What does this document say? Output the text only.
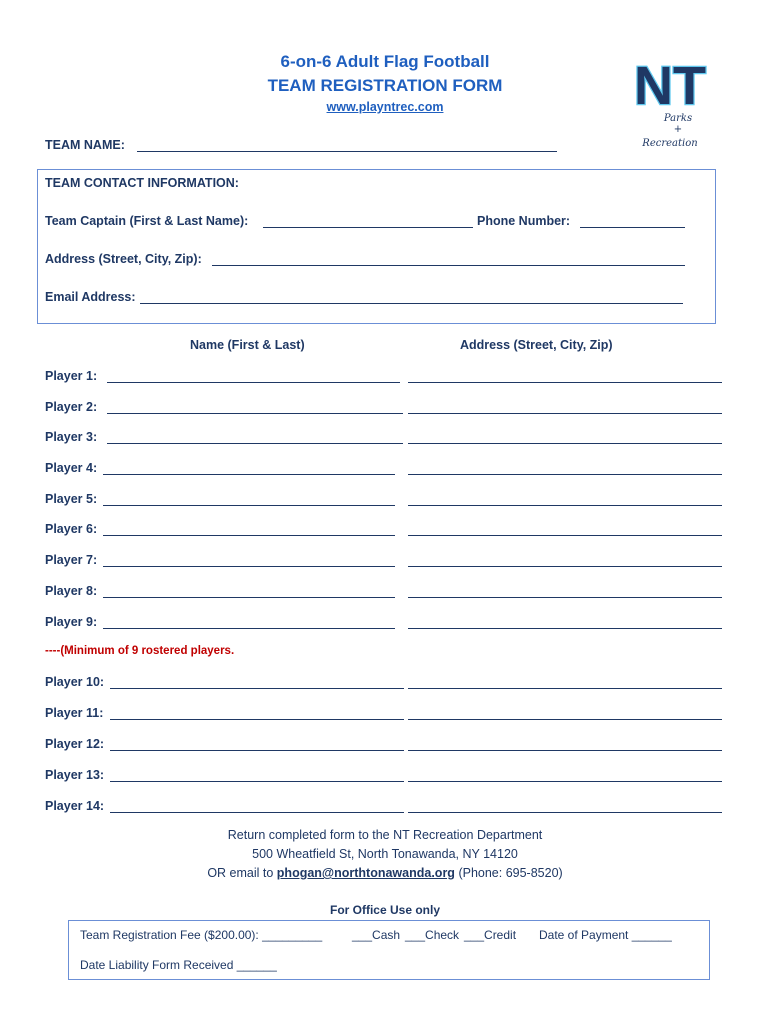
6-on-6 Adult Flag Football
TEAM REGISTRATION FORM
www.playntrec.com	NT
Parks
+
Recreation
TEAM NAME:
TEAM CONTACT INFORMATION:
Team Captain (First & Last Name):	Phone Number:
Address (Street, City, Zip):
Email Address:
Name (First & Last)	Address (Street, City, Zip)
Player 1:
Player 2:
Player 3:
Player 4:
Player 5:
Player 6:
Player 7:
Player 8:
Player 9:
----(Minimum of 9 rostered players.
Player 10:
Player 11:
Player 12:
Player 13:
Player 14:
Return completed form to the NT Recreation Department
500 Wheatfield St, North Tonawanda, NY 14120
OR email to phogan@northtonawanda.org (Phone: 695-8520)
For Office Use only
Team Registration Fee ($200.00): _________ ___Cash ___Check ___Credit Date of Payment ______
Date Liability Form Received ______
